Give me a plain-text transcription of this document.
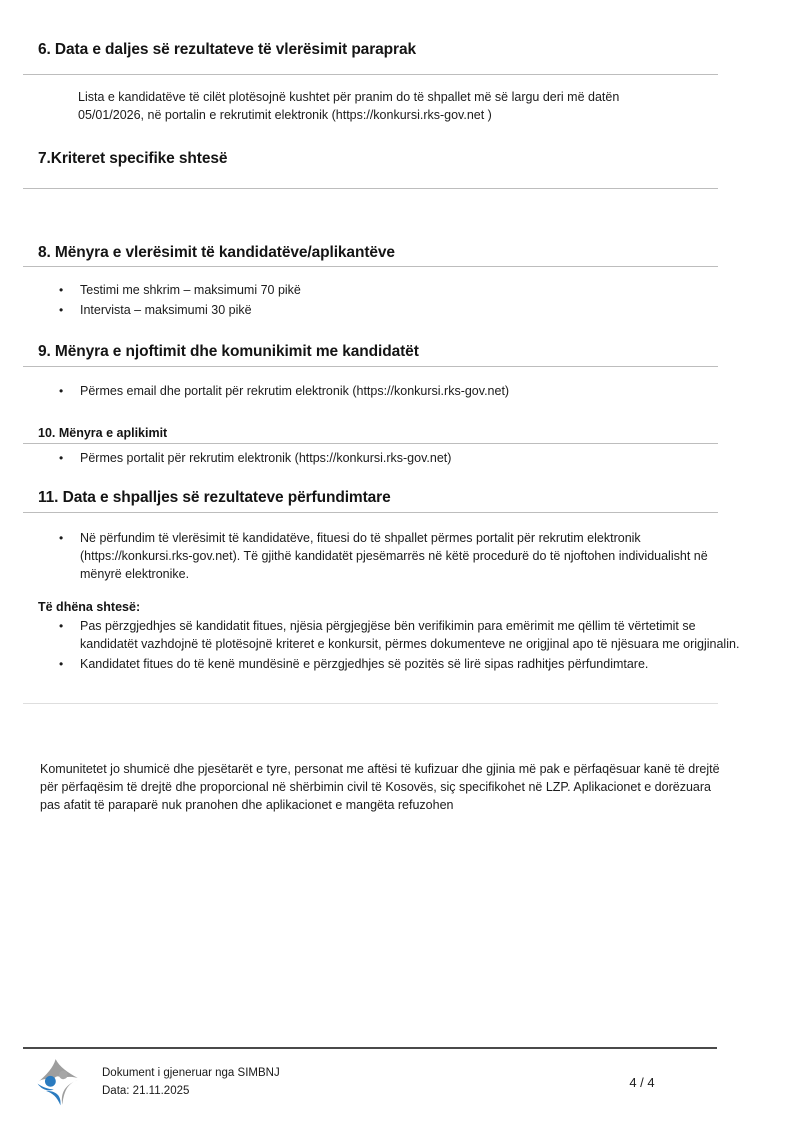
6. Data e daljes së rezultateve të vlerësimit paraprak
Lista e kandidatëve të cilët plotësojnë kushtet për pranim do të shpallet më së largu deri më datën 05/01/2026, në portalin e rekrutimit elektronik (https://konkursi.rks-gov.net )
7.Kriteret specifike shtesë
8. Mënyra e vlerësimit të kandidatëve/aplikantëve
• Testimi me shkrim – maksimumi 70 pikë
• Intervista – maksimumi 30 pikë
9. Mënyra e njoftimit dhe komunikimit me kandidatët
• Përmes email dhe portalit për rekrutim elektronik (https://konkursi.rks-gov.net)
10. Mënyra e aplikimit
• Përmes portalit për rekrutim elektronik (https://konkursi.rks-gov.net)
11. Data e shpalljes së rezultateve përfundimtare
• Në përfundim të vlerësimit të kandidatëve, fituesi do të shpallet përmes portalit për rekrutim elektronik (https://konkursi.rks-gov.net). Të gjithë kandidatët pjesëmarrës në këtë procedurë do të njoftohen individualisht në mënyrë elektronike.
Të dhëna shtesë:
• Pas përzgjedhjes së kandidatit fitues, njësia përgjegjëse bën verifikimin para emërimit me qëllim të vërtetimit se kandidatët vazhdojnë të plotësojnë kriteret e konkursit, përmes dokumenteve ne origjinal apo të njësuara me origjinalin.
• Kandidatet fitues do të kenë mundësinë e përzgjedhjes së pozitës së lirë sipas radhitjes përfundimtare.
Komunitetet jo shumicë dhe pjesëtarët e tyre, personat me aftësi të kufizuar dhe gjinia më pak e përfaqësuar kanë të drejtë për përfaqësim të drejtë dhe proporcional në shërbimin civil të Kosovës, siç specifikohet në LZP. Aplikacionet e dorëzuara pas afatit të paraparë nuk pranohen dhe aplikacionet e mangëta refuzohen
Dokument i gjeneruar nga SIMBNJ
Data: 21.11.2025
4 / 4
